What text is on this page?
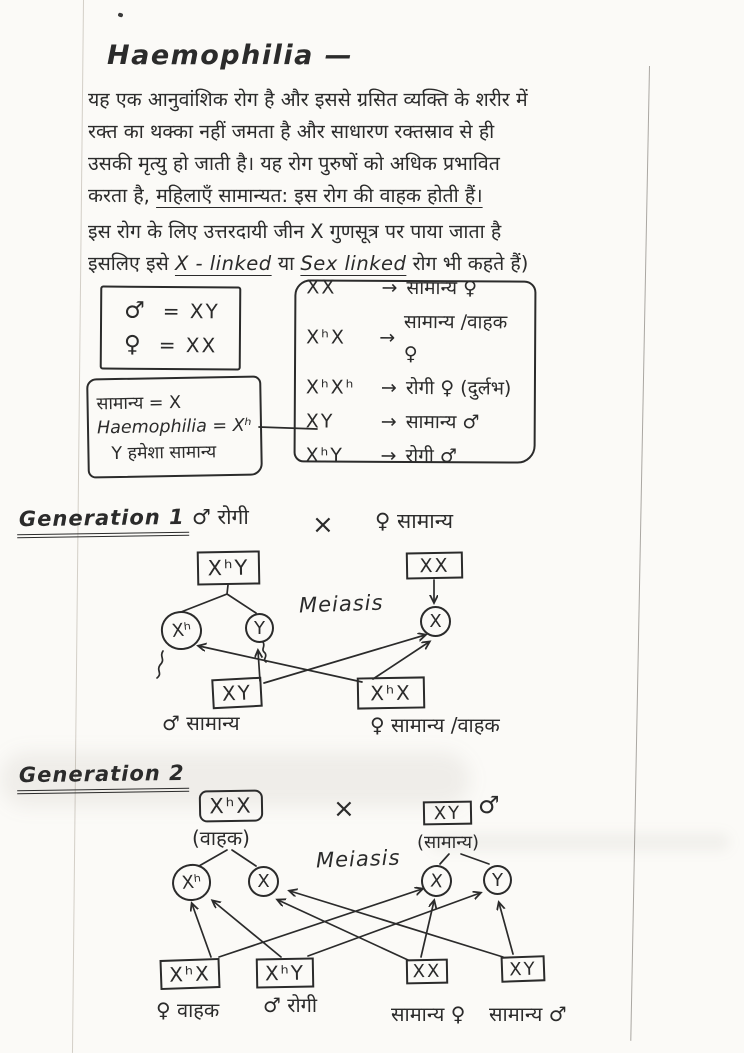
Haemophilia —
यह एक आनुवांशिक रोग है और इससे ग्रसित व्यक्ति के शरीर में
रक्त का थक्का नहीं जमता है और साधारण रक्तस्राव से ही
उसकी मृत्यु हो जाती है। यह रोग पुरुषों को अधिक प्रभावित
करता है, महिलाएँ सामान्यत: इस रोग की वाहक होती हैं।
इस रोग के लिए उत्तरदायी जीन X गुणसूत्र पर पाया जाता है
इसलिए इसे X - linked या Sex linked रोग भी कहते हैं)
♂ = XY
♀ = XX
सामान्य = X
Haemophilia = Xʰ
Y हमेशा सामान्य
XX	→ सामान्य ♀
XʰX	→
सामान्य /वाहक ♀
XʰXʰ	→ रोगी ♀ (दुर्लभ)
XY	→ सामान्य ♂
XʰY	→ रोगी ♂
Generation 1 ♂ रोगी × ♀ सामान्य
XʰY	XX
Meiasis
Xʰ	Y	X
XY	XʰX
♂ सामान्य	♀ सामान्य /वाहक
Generation 2
XʰX
(वाहक)
×	XY ♂
(सामान्य)
Meiasis
Xʰ	X	X	Y
XʰX	XʰY	XX	XY
♀ वाहक ♂ रोगी	सामान्य ♀ सामान्य ♂
